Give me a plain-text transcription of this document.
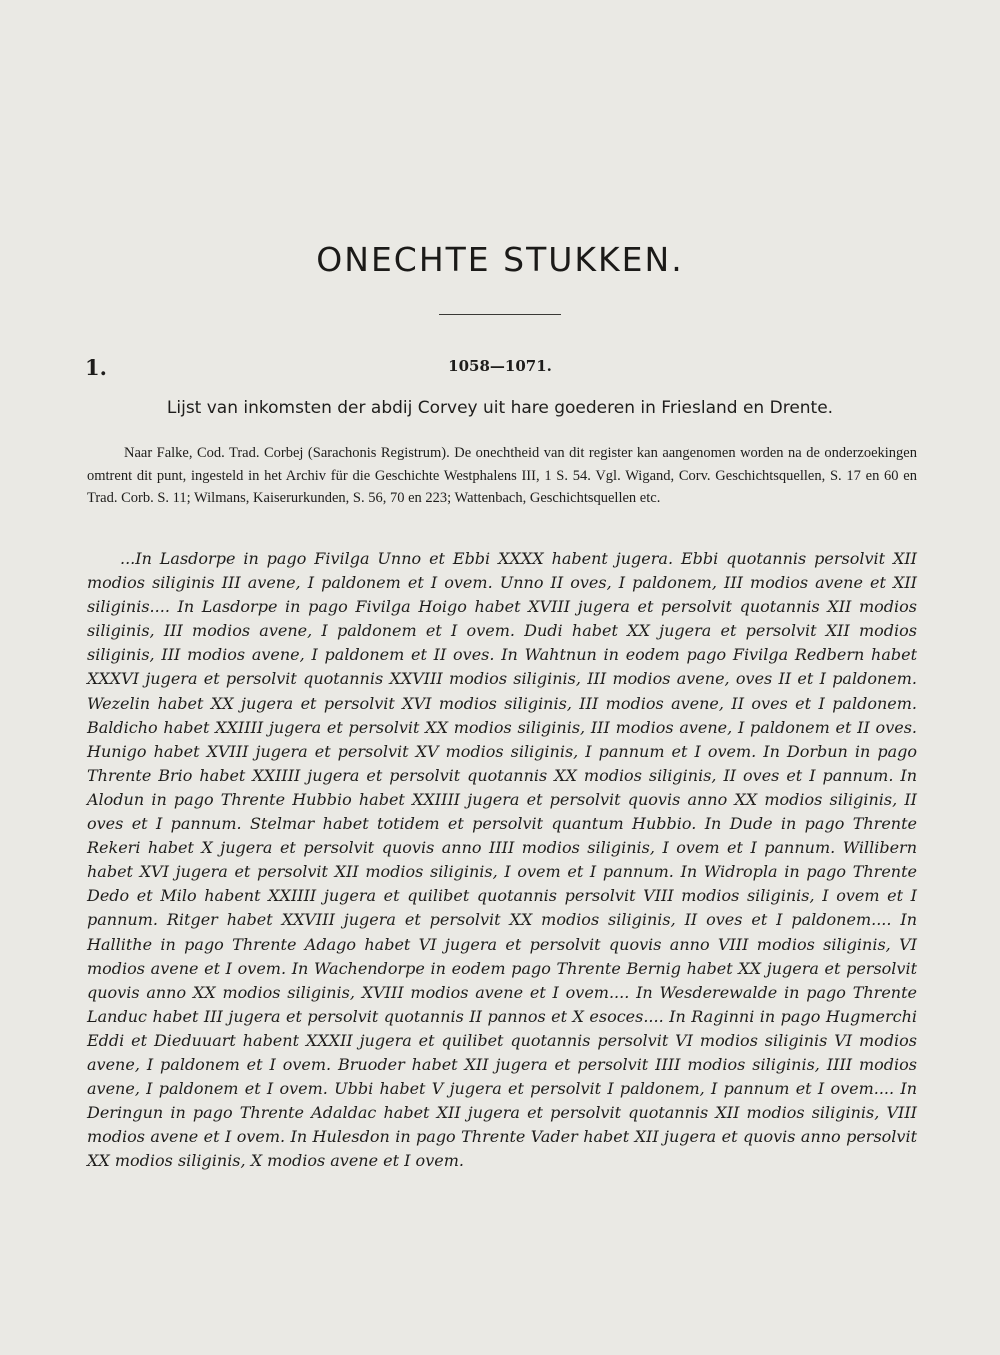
ONECHTE STUKKEN.
1.	1058—1071.
Lijst van inkomsten der abdij Corvey uit hare goederen in Friesland en Drente.

Naar Falke, Cod. Trad. Corbej (Sarachonis Registrum). De onechtheid van dit register kan aangenomen worden na de onderzoekingen omtrent dit punt, ingesteld in het Archiv für die Geschichte Westphalens III, 1 S. 54. Vgl. Wigand, Corv. Geschichtsquellen, S. 17 en 60 en Trad. Corb. S. 11; Wilmans, Kaiserurkunden, S. 56, 70 en 223; Wattenbach, Geschichtsquellen etc.

...In Lasdorpe in pago Fivilga Unno et Ebbi XXXX habent jugera. Ebbi quotannis persolvit XII modios siliginis III avene, I paldonem et I ovem. Unno II oves, I paldonem, III modios avene et XII siliginis.... In Lasdorpe in pago Fivilga Hoigo habet XVIII jugera et persolvit quotannis XII modios siliginis, III modios avene, I paldonem et I ovem. Dudi habet XX jugera et persolvit XII modios siliginis, III modios avene, I paldonem et II oves. In Wahtnun in eodem pago Fivilga Redbern habet XXXVI jugera et persolvit quotannis XXVIII modios siliginis, III modios avene, oves II et I paldonem. Wezelin habet XX jugera et persolvit XVI modios siliginis, III modios avene, II oves et I paldonem. Baldicho habet XXIIII jugera et persolvit XX modios siliginis, III modios avene, I paldonem et II oves. Hunigo habet XVIII jugera et persolvit XV modios siliginis, I pannum et I ovem. In Dorbun in pago Thrente Brio habet XXIIII jugera et persolvit quotannis XX modios siliginis, II oves et I pannum. In Alodun in pago Thrente Hubbio habet XXIIII jugera et persolvit quovis anno XX modios siliginis, II oves et I pannum. Stelmar habet totidem et persolvit quantum Hubbio. In Dude in pago Thrente Rekeri habet X jugera et persolvit quovis anno IIII modios siliginis, I ovem et I pannum. Willibern habet XVI jugera et persolvit XII modios siliginis, I ovem et I pannum. In Widropla in pago Thrente Dedo et Milo habent XXIIII jugera et quilibet quotannis persolvit VIII modios siliginis, I ovem et I pannum. Ritger habet XXVIII jugera et persolvit XX modios siliginis, II oves et I paldonem.... In Hallithe in pago Thrente Adago habet VI jugera et persolvit quovis anno VIII modios siliginis, VI modios avene et I ovem. In Wachendorpe in eodem pago Thrente Bernig habet XX jugera et persolvit quovis anno XX modios siliginis, XVIII modios avene et I ovem.... In Wesderewalde in pago Thrente Landuc habet III jugera et persolvit quotannis II pannos et X esoces.... In Raginni in pago Hugmerchi Eddi et Dieduuart habent XXXII jugera et quilibet quotannis persolvit VI modios siliginis VI modios avene, I paldonem et I ovem. Bruoder habet XII jugera et persolvit IIII modios siliginis, IIII modios avene, I paldonem et I ovem. Ubbi habet V jugera et persolvit I paldonem, I pannum et I ovem.... In Deringun in pago Thrente Adaldac habet XII jugera et persolvit quotannis XII modios siliginis, VIII modios avene et I ovem. In Hulesdon in pago Thrente Vader habet XII jugera et quovis anno persolvit XX modios siliginis, X modios avene et I ovem.
